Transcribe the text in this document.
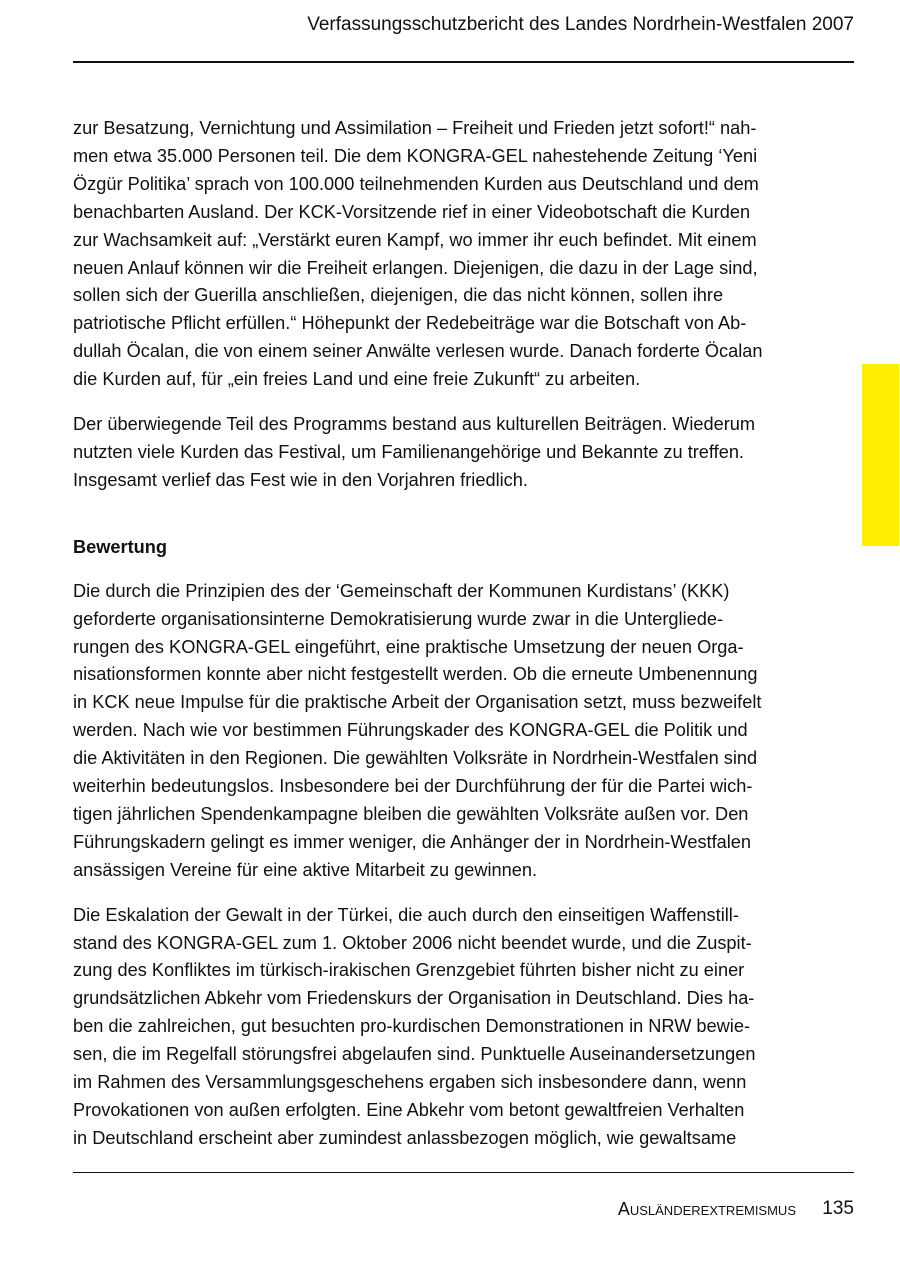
Verfassungsschutzbericht des Landes Nordrhein-Westfalen 2007

zur Besatzung, Vernichtung und Assimilation – Freiheit und Frieden jetzt sofort!“ nah-
men etwa 35.000 Personen teil. Die dem KONGRA-GEL nahestehende Zeitung ‘Yeni
Özgür Politika’ sprach von 100.000 teilnehmenden Kurden aus Deutschland und dem
benachbarten Ausland. Der KCK-Vorsitzende rief in einer Videobotschaft die Kurden
zur Wachsamkeit auf: „Verstärkt euren Kampf, wo immer ihr euch befindet. Mit einem
neuen Anlauf können wir die Freiheit erlangen. Diejenigen, die dazu in der Lage sind,
sollen sich der Guerilla anschließen, diejenigen, die das nicht können, sollen ihre
patriotische Pflicht erfüllen.“ Höhepunkt der Redebeiträge war die Botschaft von Ab-
dullah Öcalan, die von einem seiner Anwälte verlesen wurde. Danach forderte Öcalan
die Kurden auf, für „ein freies Land und eine freie Zukunft“ zu arbeiten.

Der überwiegende Teil des Programms bestand aus kulturellen Beiträgen. Wiederum
nutzten viele Kurden das Festival, um Familienangehörige und Bekannte zu treffen.
Insgesamt verlief das Fest wie in den Vorjahren friedlich.

Bewertung

Die durch die Prinzipien des der ‘Gemeinschaft der Kommunen Kurdistans’ (KKK)
geforderte organisationsinterne Demokratisierung wurde zwar in die Untergliede-
rungen des KONGRA-GEL eingeführt, eine praktische Umsetzung der neuen Orga-
nisationsformen konnte aber nicht festgestellt werden. Ob die erneute Umbenennung
in KCK neue Impulse für die praktische Arbeit der Organisation setzt, muss bezweifelt
werden. Nach wie vor bestimmen Führungskader des KONGRA-GEL die Politik und
die Aktivitäten in den Regionen. Die gewählten Volksräte in Nordrhein-Westfalen sind
weiterhin bedeutungslos. Insbesondere bei der Durchführung der für die Partei wich-
tigen jährlichen Spendenkampagne bleiben die gewählten Volksräte außen vor. Den
Führungskadern gelingt es immer weniger, die Anhänger der in Nordrhein-Westfalen
ansässigen Vereine für eine aktive Mitarbeit zu gewinnen.

Die Eskalation der Gewalt in der Türkei, die auch durch den einseitigen Waffenstill-
stand des KONGRA-GEL zum 1. Oktober 2006 nicht beendet wurde, und die Zuspit-
zung des Konfliktes im türkisch-irakischen Grenzgebiet führten bisher nicht zu einer
grundsätzlichen Abkehr vom Friedenskurs der Organisation in Deutschland. Dies ha-
ben die zahlreichen, gut besuchten pro-kurdischen Demonstrationen in NRW bewie-
sen, die im Regelfall störungsfrei abgelaufen sind. Punktuelle Auseinandersetzungen
im Rahmen des Versammlungsgeschehens ergaben sich insbesondere dann, wenn
Provokationen von außen erfolgten. Eine Abkehr vom betont gewaltfreien Verhalten
in Deutschland erscheint aber zumindest anlassbezogen möglich, wie gewaltsame

Ausländerextremismus 135
